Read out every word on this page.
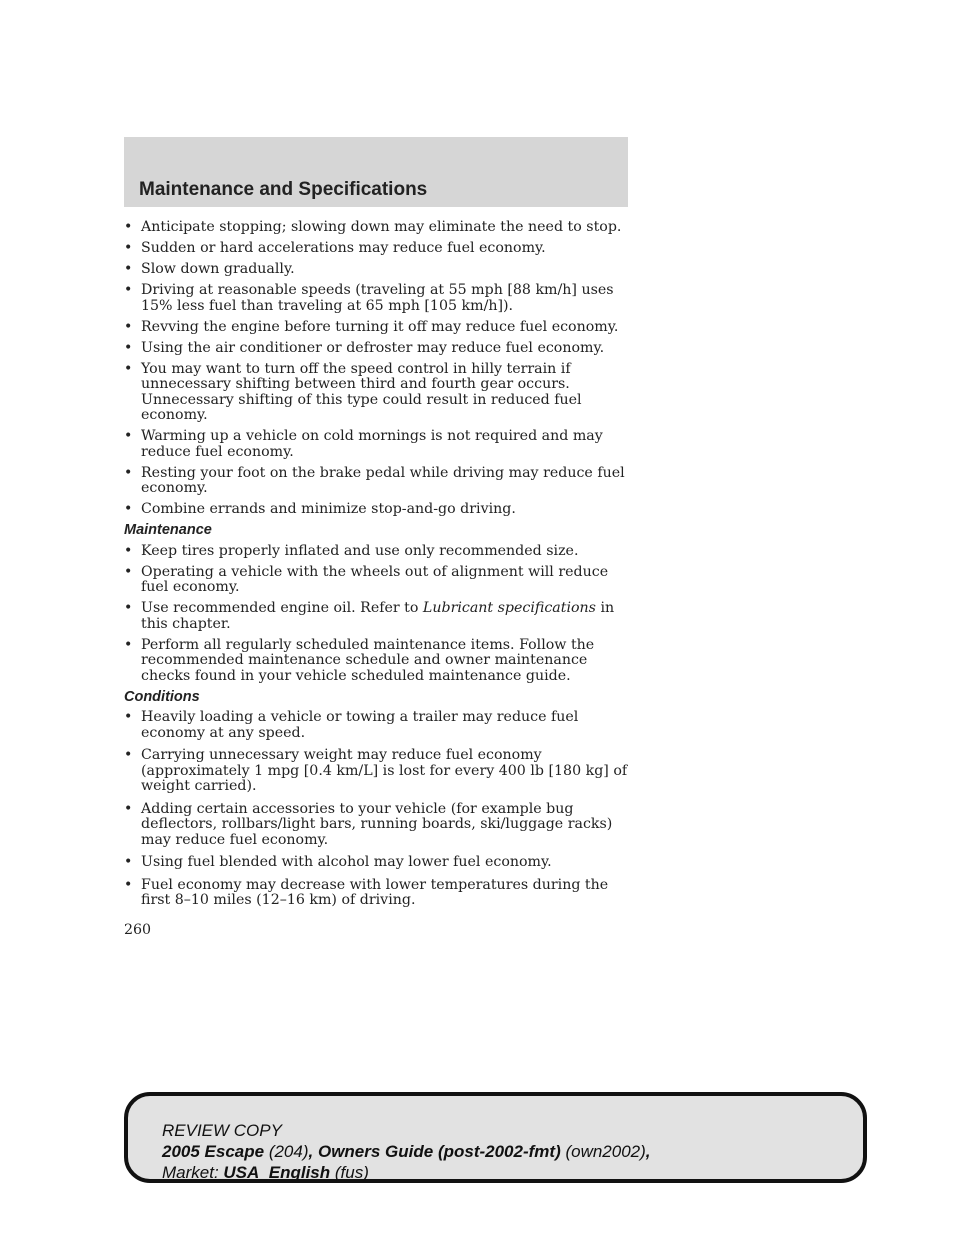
Maintenance and Specifications
• Anticipate stopping; slowing down may eliminate the need to stop.
• Sudden or hard accelerations may reduce fuel economy.
• Slow down gradually.
• Driving at reasonable speeds (traveling at 55 mph [88 km/h] uses 15% less fuel than traveling at 65 mph [105 km/h]).
• Revving the engine before turning it off may reduce fuel economy.
• Using the air conditioner or defroster may reduce fuel economy.
• You may want to turn off the speed control in hilly terrain if unnecessary shifting between third and fourth gear occurs. Unnecessary shifting of this type could result in reduced fuel economy.
• Warming up a vehicle on cold mornings is not required and may reduce fuel economy.
• Resting your foot on the brake pedal while driving may reduce fuel economy.
• Combine errands and minimize stop-and-go driving.
Maintenance
• Keep tires properly inflated and use only recommended size.
• Operating a vehicle with the wheels out of alignment will reduce fuel economy.
• Use recommended engine oil. Refer to Lubricant specifications in this chapter.
• Perform all regularly scheduled maintenance items. Follow the recommended maintenance schedule and owner maintenance checks found in your vehicle scheduled maintenance guide.
Conditions
• Heavily loading a vehicle or towing a trailer may reduce fuel economy at any speed.
• Carrying unnecessary weight may reduce fuel economy (approximately 1 mpg [0.4 km/L] is lost for every 400 lb [180 kg] of weight carried).
• Adding certain accessories to your vehicle (for example bug deflectors, rollbars/light bars, running boards, ski/luggage racks) may reduce fuel economy.
• Using fuel blended with alcohol may lower fuel economy.
• Fuel economy may decrease with lower temperatures during the first 8–10 miles (12–16 km) of driving.
260
REVIEW COPY
2005 Escape (204), Owners Guide (post-2002-fmt) (own2002),
Market: USA_English (fus)
